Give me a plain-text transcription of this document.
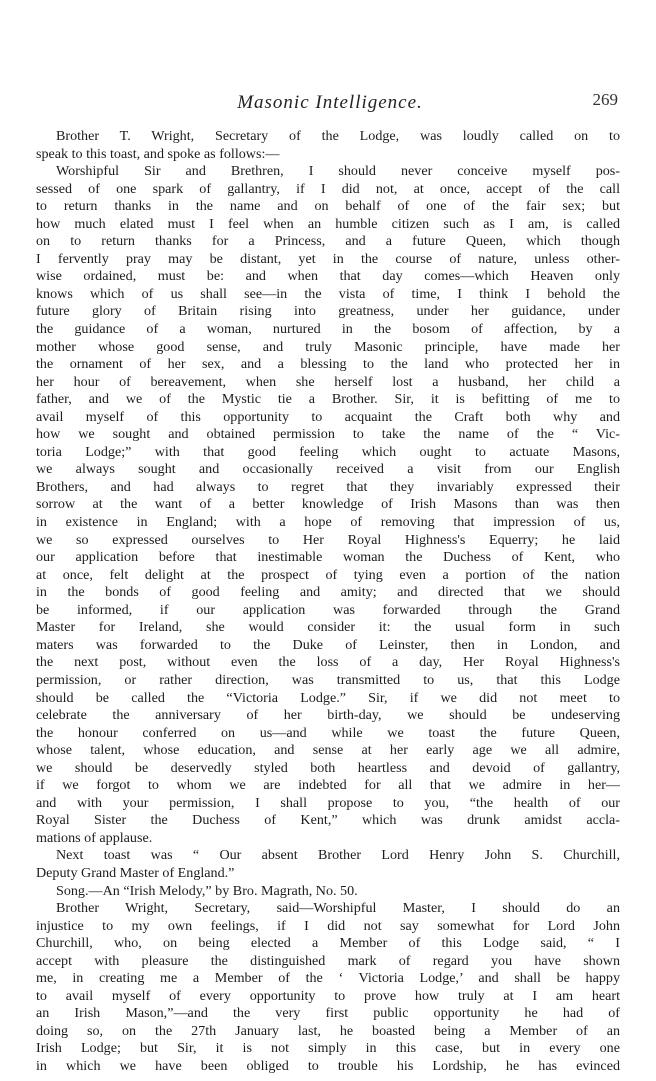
Masonic Intelligence.	269
Brother T. Wright, Secretary of the Lodge, was loudly called on to
speak to this toast, and spoke as follows:—
Worshipful Sir and Brethren, I should never conceive myself pos-
sessed of one spark of gallantry, if I did not, at once, accept of the call
to return thanks in the name and on behalf of one of the fair sex; but
how much elated must I feel when an humble citizen such as I am, is called
on to return thanks for a Princess, and a future Queen, which though
I fervently pray may be distant, yet in the course of nature, unless other-
wise ordained, must be: and when that day comes—which Heaven only
knows which of us shall see—in the vista of time, I think I behold the
future glory of Britain rising into greatness, under her guidance, under
the guidance of a woman, nurtured in the bosom of affection, by a
mother whose good sense, and truly Masonic principle, have made her
the ornament of her sex, and a blessing to the land who protected her in
her hour of bereavement, when she herself lost a husband, her child a
father, and we of the Mystic tie a Brother. Sir, it is befitting of me to
avail myself of this opportunity to acquaint the Craft both why and
how we sought and obtained permission to take the name of the “ Vic-
toria Lodge;” with that good feeling which ought to actuate Masons,
we always sought and occasionally received a visit from our English
Brothers, and had always to regret that they invariably expressed their
sorrow at the want of a better knowledge of Irish Masons than was then
in existence in England; with a hope of removing that impression of us,
we so expressed ourselves to Her Royal Highness's Equerry; he laid
our application before that inestimable woman the Duchess of Kent, who
at once, felt delight at the prospect of tying even a portion of the nation
in the bonds of good feeling and amity; and directed that we should
be informed, if our application was forwarded through the Grand
Master for Ireland, she would consider it: the usual form in such
maters was forwarded to the Duke of Leinster, then in London, and
the next post, without even the loss of a day, Her Royal Highness's
permission, or rather direction, was transmitted to us, that this Lodge
should be called the “Victoria Lodge.” Sir, if we did not meet to
celebrate the anniversary of her birth-day, we should be undeserving
the honour conferred on us—and while we toast the future Queen,
whose talent, whose education, and sense at her early age we all admire,
we should be deservedly styled both heartless and devoid of gallantry,
if we forgot to whom we are indebted for all that we admire in her—
and with your permission, I shall propose to you, “the health of our
Royal Sister the Duchess of Kent,” which was drunk amidst accla-
mations of applause.
Next toast was “ Our absent Brother Lord Henry John S. Churchill,
Deputy Grand Master of England.”
Song.—An “Irish Melody,” by Bro. Magrath, No. 50.
Brother Wright, Secretary, said—Worshipful Master, I should do an
injustice to my own feelings, if I did not say somewhat for Lord John
Churchill, who, on being elected a Member of this Lodge said, “ I
accept with pleasure the distinguished mark of regard you have shown
me, in creating me a Member of the ‘ Victoria Lodge,’ and shall be happy
to avail myself of every opportunity to prove how truly at I am heart
an Irish Mason,”—and the very first public opportunity he had of
doing so, on the 27th January last, he boasted being a Member of an
Irish Lodge; but Sir, it is not simply in this case, but in every one
in which we have been obliged to trouble his Lordship, he has evinced
